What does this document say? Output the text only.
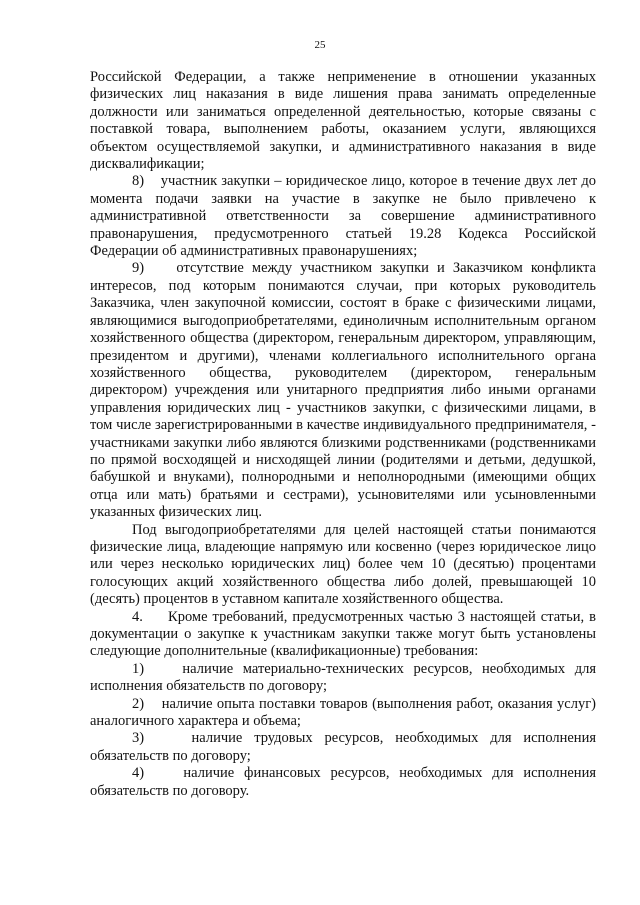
25

Российской Федерации, а также неприменение в отношении указанных физических лиц наказания в виде лишения права занимать определенные должности или заниматься определенной деятельностью, которые связаны с поставкой товара, выполнением работы, оказанием услуги, являющихся объектом осуществляемой закупки, и административного наказания в виде дисквалификации;

8)    участник закупки – юридическое лицо, которое в течение двух лет до момента подачи заявки на участие в закупке не было привлечено к административной ответственности за совершение административного правонарушения, предусмотренного статьей 19.28 Кодекса Российской Федерации об административных правонарушениях;

9)    отсутствие между участником закупки и Заказчиком конфликта интересов, под которым понимаются случаи, при которых руководитель Заказчика, член закупочной комиссии, состоят в браке с физическими лицами, являющимися выгодоприобретателями, единоличным исполнительным органом хозяйственного общества (директором, генеральным директором, управляющим, президентом и другими), членами коллегиального исполнительного органа хозяйственного общества, руководителем (директором, генеральным директором) учреждения или унитарного предприятия либо иными органами управления юридических лиц - участников закупки, с физическими лицами, в том числе зарегистрированными в качестве индивидуального предпринимателя, - участниками закупки либо являются близкими родственниками (родственниками по прямой восходящей и нисходящей линии (родителями и детьми, дедушкой, бабушкой и внуками), полнородными и неполнородными (имеющими общих отца или мать) братьями и сестрами), усыновителями или усыновленными указанных физических лиц.

Под выгодоприобретателями для целей настоящей статьи понимаются физические лица, владеющие напрямую или косвенно (через юридическое лицо или через несколько юридических лиц) более чем 10 (десятью) процентами голосующих акций хозяйственного общества либо долей, превышающей 10 (десять) процентов в уставном капитале хозяйственного общества.

4.     Кроме требований, предусмотренных частью 3 настоящей статьи, в документации о закупке к участникам закупки также могут быть установлены следующие дополнительные (квалификационные) требования:

1)    наличие материально-технических ресурсов, необходимых для исполнения обязательств по договору;

2)    наличие опыта поставки товаров (выполнения работ, оказания услуг) аналогичного характера и объема;

3)    наличие трудовых ресурсов, необходимых для исполнения обязательств по договору;

4)    наличие финансовых ресурсов, необходимых для исполнения обязательств по договору.
